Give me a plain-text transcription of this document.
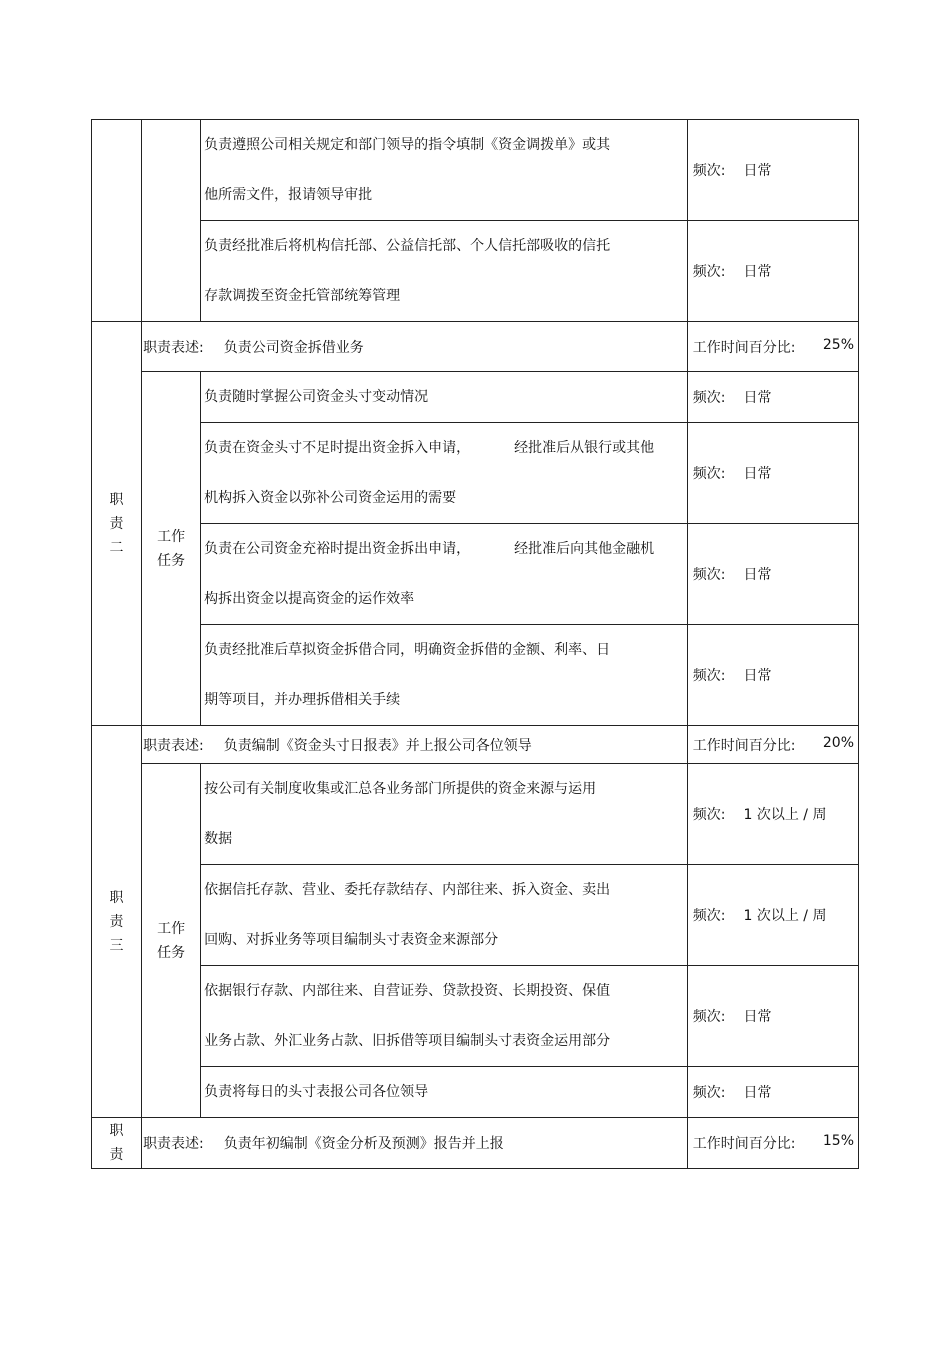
		负责遵照公司相关规定和部门领导的指令填制《资金调拨单》或其
他所需文件，报请领导审批	频次: 日常

		负责经批准后将机构信托部、公益信托部、个人信托部吸收的信托
存款调拨至资金托管部统筹管理	频次: 日常

职
责
二	职责表述: 负责公司资金拆借业务		工作时间百分比: 25%

	工作
任务	负责随时掌握公司资金头寸变动情况	频次: 日常

		负责在资金头寸不足时提出资金拆入申请， 经批准后从银行或其他
机构拆入资金以弥补公司资金运用的需要	频次: 日常

		负责在公司资金充裕时提出资金拆出申请， 经批准后向其他金融机
构拆出资金以提高资金的运作效率	频次: 日常

		负责经批准后草拟资金拆借合同，明确资金拆借的金额、利率、日
期等项目，并办理拆借相关手续	频次: 日常

职
责
三	职责表述: 负责编制《资金头寸日报表》并上报公司各位领导		工作时间百分比: 20%

	工作
任务	按公司有关制度收集或汇总各业务部门所提供的资金来源与运用
数据	频次: 1 次以上 / 周

		依据信托存款、营业、委托存款结存、内部往来、拆入资金、卖出
回购、对拆业务等项目编制头寸表资金来源部分	频次: 1 次以上 / 周

		依据银行存款、内部往来、自营证券、贷款投资、长期投资、保值
业务占款、外汇业务占款、旧拆借等项目编制头寸表资金运用部分	频次: 日常

		负责将每日的头寸表报公司各位领导	频次: 日常

职
责	职责表述: 负责年初编制《资金分析及预测》报告并上报		工作时间百分比: 15%
